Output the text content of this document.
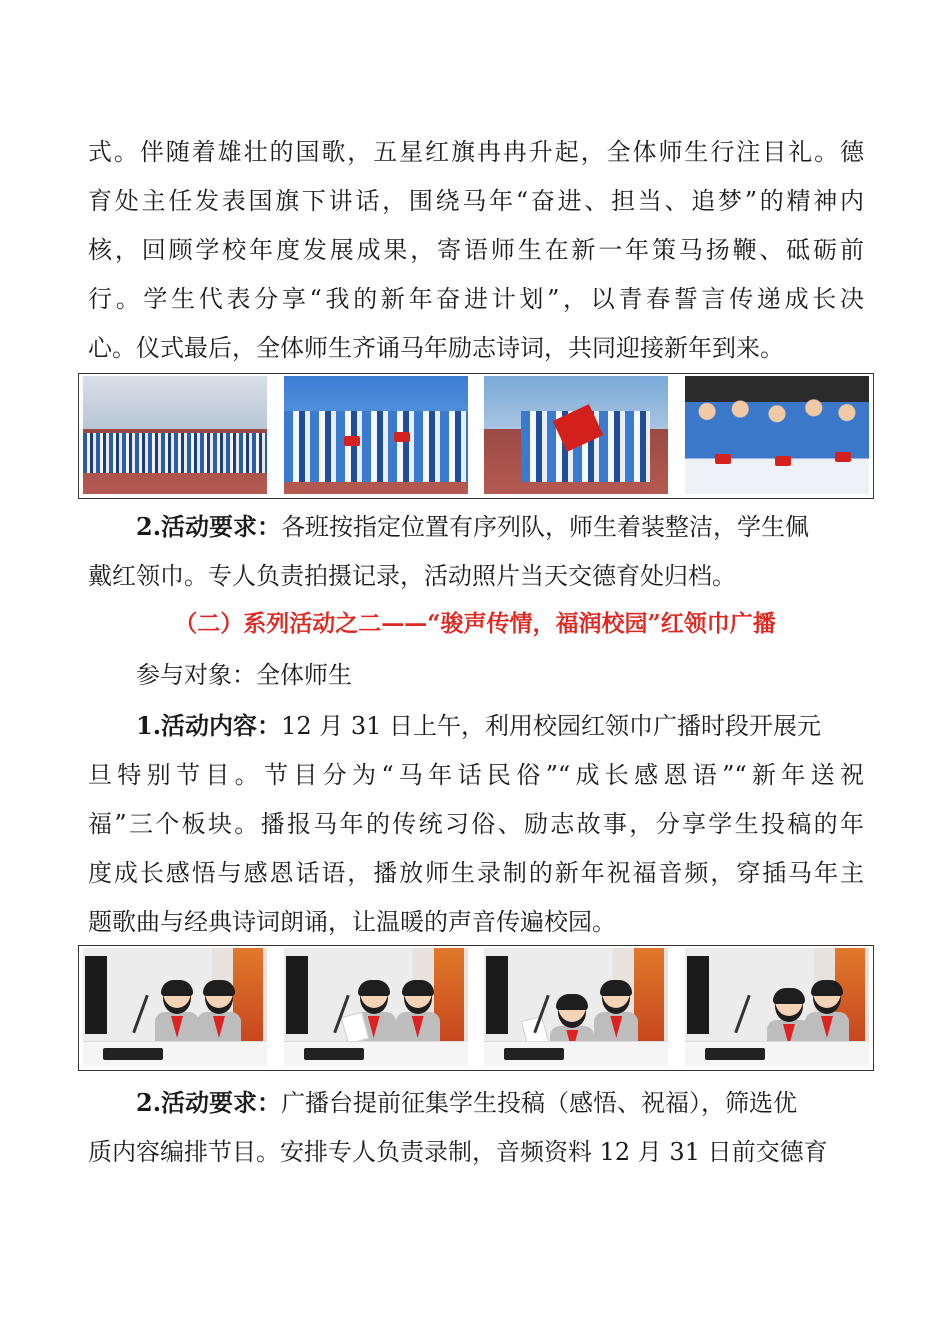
式。伴随着雄壮的国歌，五星红旗冉冉升起，全体师生行注目礼。德
育处主任发表国旗下讲话，围绕马年“奋进、担当、追梦”的精神内
核，回顾学校年度发展成果，寄语师生在新一年策马扬鞭、砥砺前
行。学生代表分享“我的新年奋进计划”，以青春誓言传递成长决
心。仪式最后，全体师生齐诵马年励志诗词，共同迎接新年到来。
2.活动要求：各班按指定位置有序列队，师生着装整洁，学生佩
戴红领巾。专人负责拍摄记录，活动照片当天交德育处归档。
（二）系列活动之二——“骏声传情，福润校园”红领巾广播
参与对象：全体师生
1.活动内容：12 月 31 日上午，利用校园红领巾广播时段开展元
旦特别节目。节目分为“马年话民俗”“成长感恩语”“新年送祝
福”三个板块。播报马年的传统习俗、励志故事，分享学生投稿的年
度成长感悟与感恩话语，播放师生录制的新年祝福音频，穿插马年主
题歌曲与经典诗词朗诵，让温暖的声音传遍校园。
2.活动要求：广播台提前征集学生投稿（感悟、祝福），筛选优
质内容编排节目。安排专人负责录制，音频资料 12 月 31 日前交德育
